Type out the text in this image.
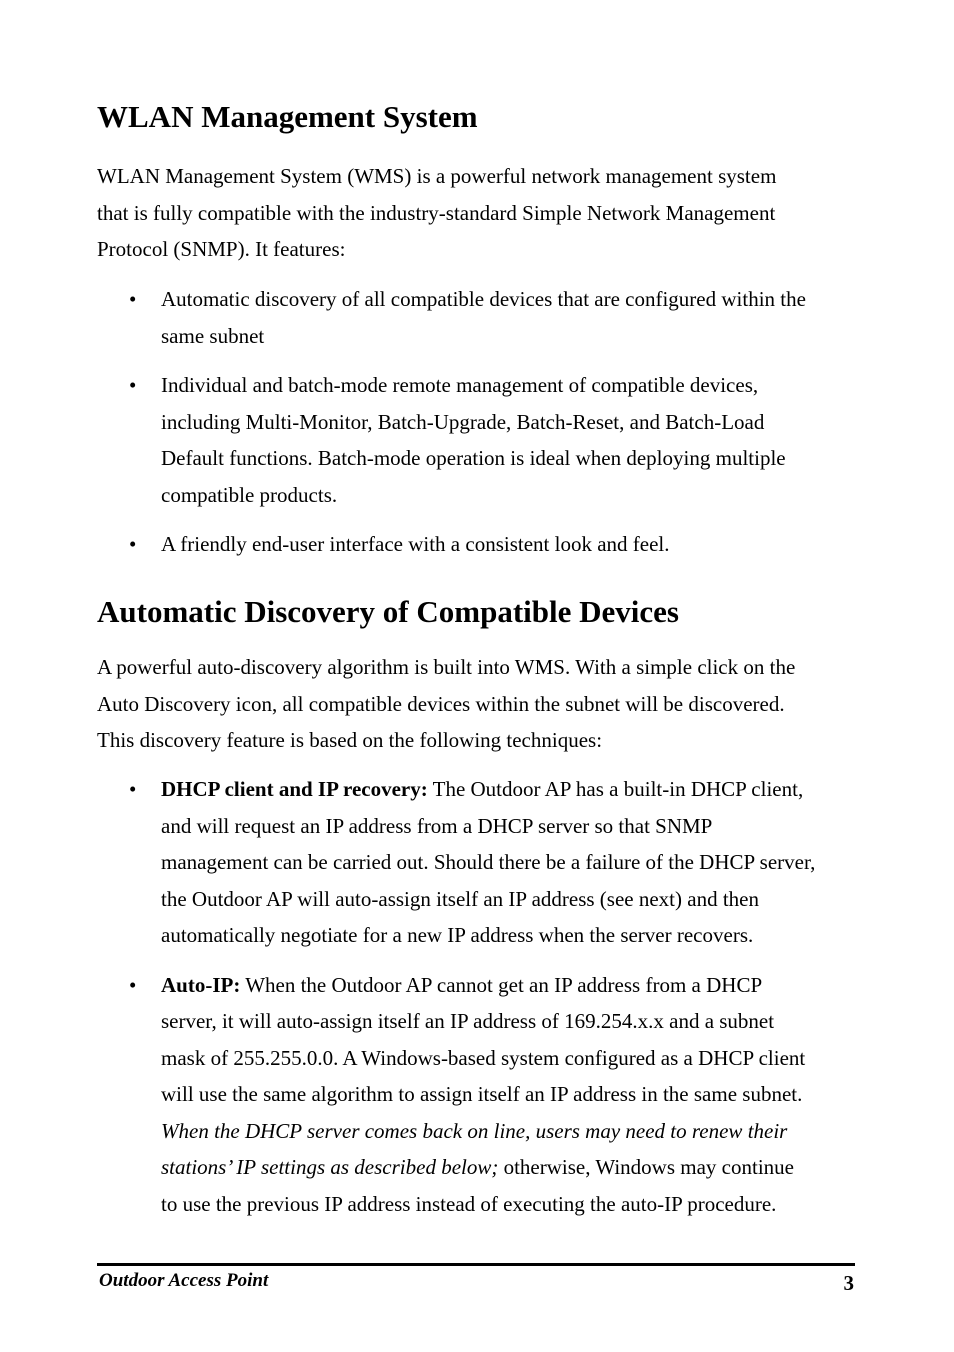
WLAN Management System

WLAN Management System (WMS) is a powerful network management system
that is fully compatible with the industry-standard Simple Network Management
Protocol (SNMP). It features:

• Automatic discovery of all compatible devices that are configured within the
same subnet
• Individual and batch-mode remote management of compatible devices,
including Multi-Monitor, Batch-Upgrade, Batch-Reset, and Batch-Load
Default functions. Batch-mode operation is ideal when deploying multiple
compatible products.
• A friendly end-user interface with a consistent look and feel.
Automatic Discovery of Compatible Devices

A powerful auto-discovery algorithm is built into WMS. With a simple click on the
Auto Discovery icon, all compatible devices within the subnet will be discovered.
This discovery feature is based on the following techniques:

• DHCP client and IP recovery: The Outdoor AP has a built-in DHCP client,
and will request an IP address from a DHCP server so that SNMP
management can be carried out. Should there be a failure of the DHCP server,
the Outdoor AP will auto-assign itself an IP address (see next) and then
automatically negotiate for a new IP address when the server recovers.
• Auto-IP: When the Outdoor AP cannot get an IP address from a DHCP
server, it will auto-assign itself an IP address of 169.254.x.x and a subnet
mask of 255.255.0.0. A Windows-based system configured as a DHCP client
will use the same algorithm to assign itself an IP address in the same subnet.
When the DHCP server comes back on line, users may need to renew their
stations’ IP settings as described below; otherwise, Windows may continue
to use the previous IP address instead of executing the auto-IP procedure.
Outdoor Access Point	3
